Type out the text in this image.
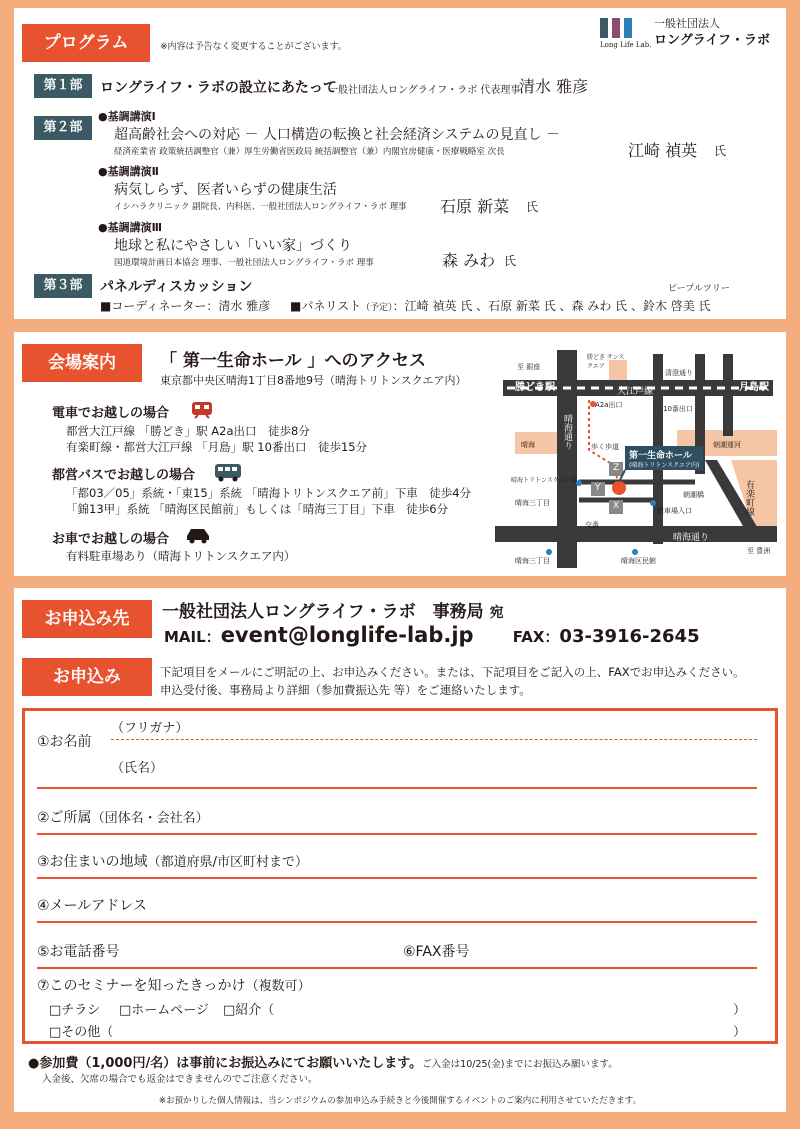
プログラム	※内容は予告なく変更することがございます。	Long Life Lab.
一般社団法人
ロングライフ・ラボ
第１部	ロングライフ・ラボの設立にあたって
一般社団法人ロングライフ・ラボ 代表理事
清水 雅彦
第２部
●基調講演Ⅰ
超高齢社会への対応 － 人口構造の転換と社会経済システムの見直し －
経済産業省 政策統括調整官（兼）厚生労働省医政局 統括調整官（兼）内閣官房健康・医療戦略室 次長	江崎 禎英 氏
●基調講演Ⅱ
病気しらず、医者いらずの健康生活
イシハラクリニック 副院長、内科医、一般社団法人ロングライフ・ラボ 理事 石原 新菜 氏
●基調講演Ⅲ
地球と私にやさしい「いい家」づくり
国道環境計画日本協会 理事、一般社団法人ロングライフ・ラボ 理事	森 みわ 氏
第３部	パネルディスカッション	ピープルツリー
■コーディネーター：清水 雅彦 ■パネリスト（予定）：江崎 禎英 氏 、石原 新菜 氏 、森 みわ 氏 、鈴木 啓美 氏
会場案内	「 第一生命ホール 」へのアクセス
東京都中央区晴海1丁目8番地9号（晴海トリトンスクエア内）
電車でお越しの場合
都営大江戸線 「勝どき」駅 A2a出口　徒歩8分
有楽町線・都営大江戸線 「月島」駅 10番出口　徒歩15分
都営バスでお越しの場合
「都03／05」系統・「東15」系統 「晴海トリトンスクエア前」下車　徒歩4分
「錦13甲」系統 「晴海区民館前」もしくは「晴海三丁目」下車　徒歩6分
お車でお越しの場合
有料駐車場あり（晴海トリトンスクエア内）
勝どき駅	大江戸線	月島駅
晴海通り
晴海通り
第一生命ホール
(晴海トリトンスクエア内)
A2a出口	10番出口
至 銀座
清澄通り
勝どき サンスクエア
歩く歩道
晴海	朝潮運河
晴海トリトンスクエア前
晴海三丁目
晴海三丁目	晴海区民館
駐車場入口
交番
有楽町線
至 豊洲
朝潮橋
Z
Y
X
お申込み先	一般社団法人ロングライフ・ラボ　事務局 宛
MAIL：event@longlife-lab.jp	FAX：03-3916-2645
お申込み	下記項目をメールにご明記の上、お申込みください。または、下記項目をご記入の上、FAXでお申込みください。
申込受付後、事務局より詳細（参加費振込先 等）をご連絡いたします。
①お名前
（フリガナ）
（氏名）
②ご所属（団体名・会社名）
③お住まいの地域（都道府県/市区町村まで）
④メールアドレス
⑤お電話番号	⑥FAX番号
⑦このセミナーを知ったきっかけ（複数可）
□チラシ □ホームページ □紹介（	）
□その他（	）
●参加費（1,000円/名）は事前にお振込みにてお願いいたします。ご入金は10/25(金)までにお振込み願います。
入金後、欠席の場合でも返金はできませんのでご注意ください。
※お預かりした個人情報は、当シンポジウムの参加申込み手続きと今後開催するイベントのご案内に利用させていただきます。
